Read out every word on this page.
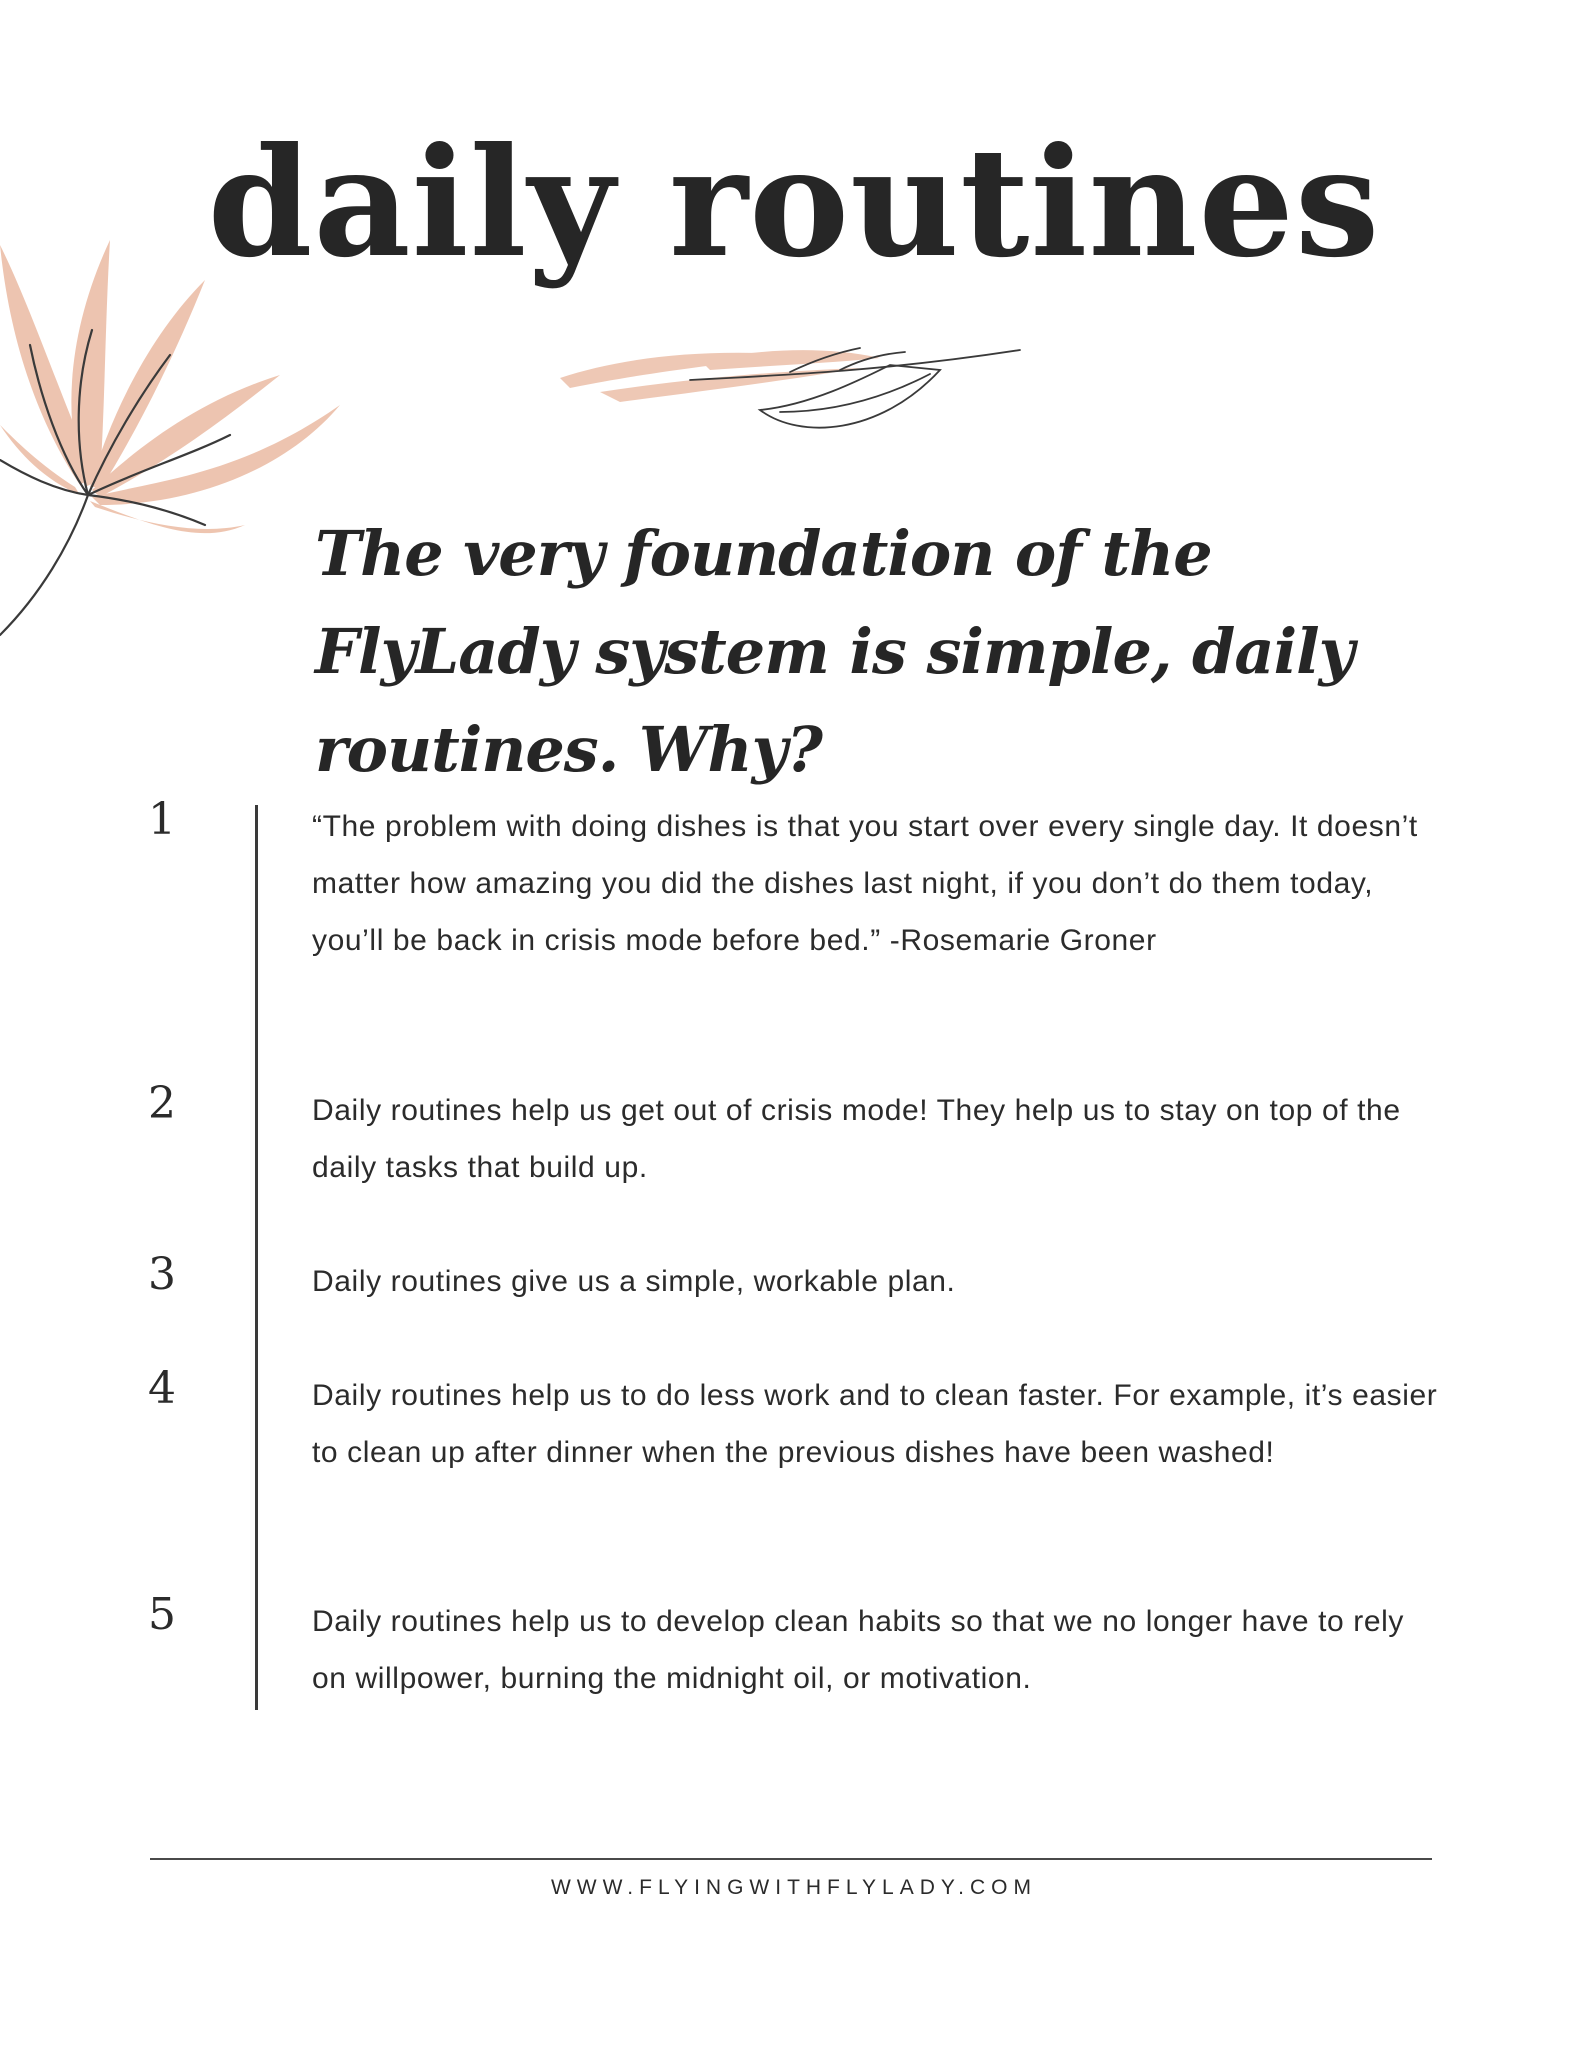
daily routines

The very foundation of the FlyLady system is simple, daily routines. Why?

1	“The problem with doing dishes is that you start over every single day. It doesn’t matter how amazing you did the dishes last night, if you don’t do them today, you’ll be back in crisis mode before bed.” -Rosemarie Groner

2	Daily routines help us get out of crisis mode! They help us to stay on top of the daily tasks that build up.

3	Daily routines give us a simple, workable plan.

4	Daily routines help us to do less work and to clean faster. For example, it’s easier to clean up after dinner when the previous dishes have been washed!

5	Daily routines help us to develop clean habits so that we no longer have to rely on willpower, burning the midnight oil, or motivation.

WWW.FLYINGWITHFLYLADY.COM
